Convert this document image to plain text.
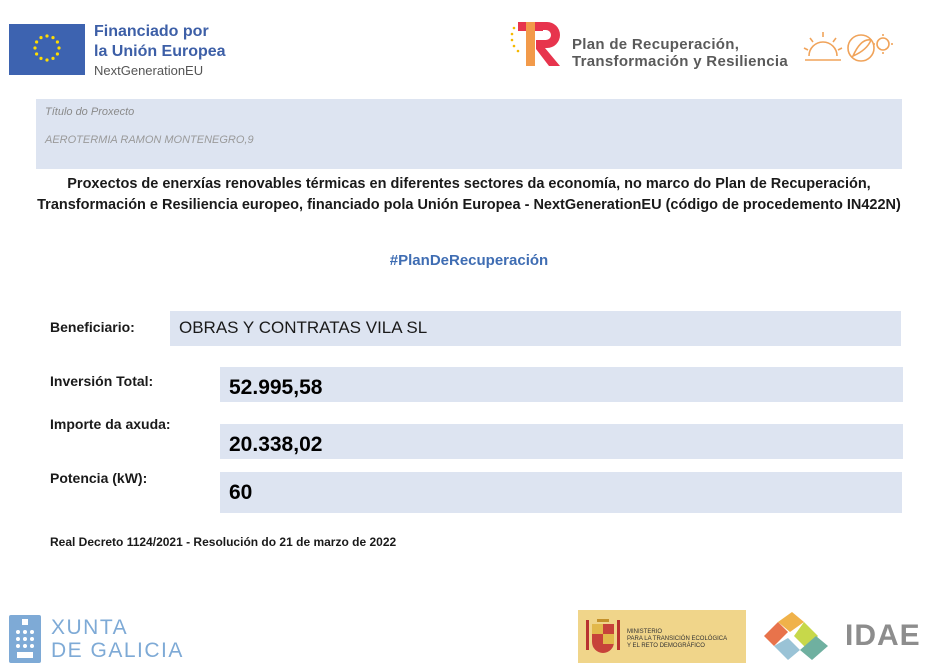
Financiado por
la Unión Europea
NextGenerationEU
Plan de Recuperación,
Transformación y Resiliencia
Título do Proxecto
AEROTERMIA RAMON MONTENEGRO,9
Proxectos de enerxías renovables térmicas en diferentes sectores da economía, no marco do Plan de Recuperación, Transformación e Resiliencia europeo, financiado pola Unión Europea - NextGenerationEU (código de procedemento IN422N)
#PlanDeRecuperación
Beneficiario:	OBRAS Y CONTRATAS VILA SL
Inversión Total:	52.995,58
Importe da axuda:
20.338,02
Potencia (kW):
60
Real Decreto 1124/2021 - Resolución do 21 de marzo de 2022
XUNTA
DE GALICIA
MINISTERIO
PARA LA TRANSICIÓN ECOLÓGICA
Y EL RETO DEMOGRÁFICO	IDAE
